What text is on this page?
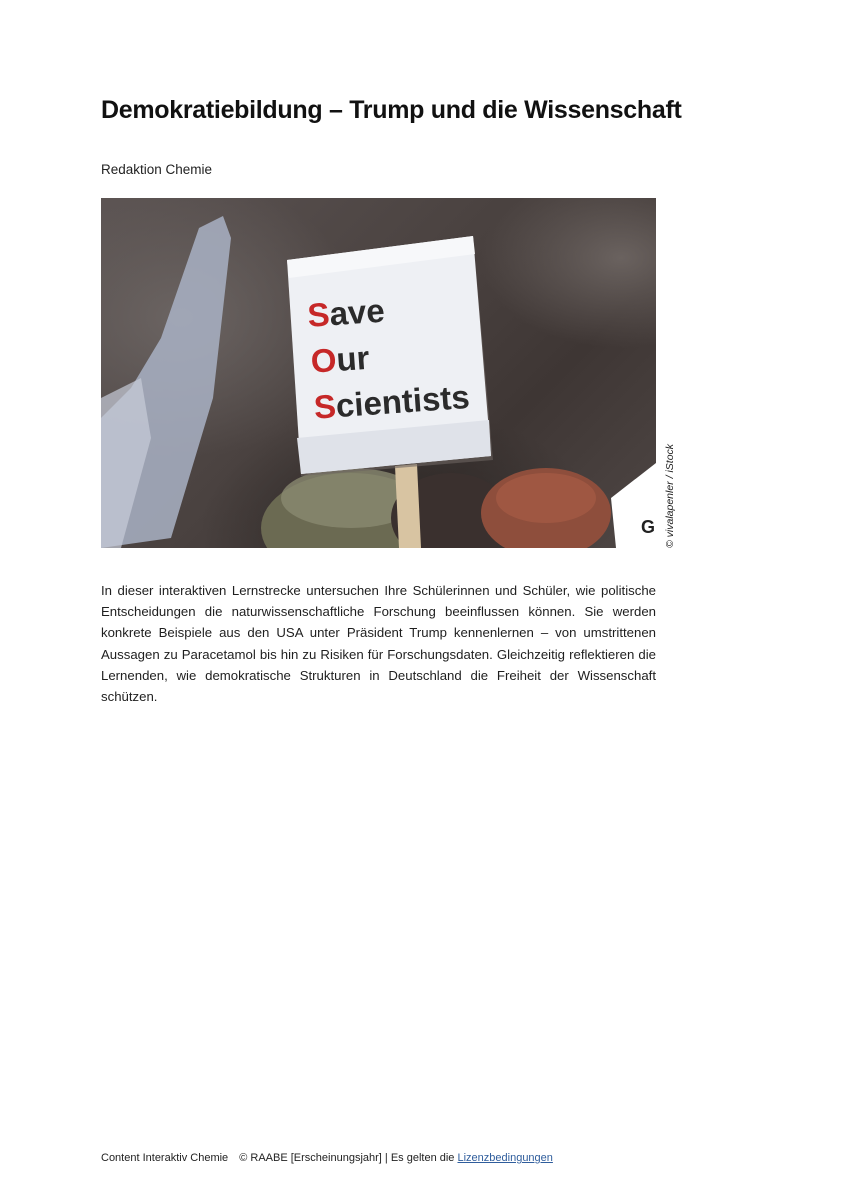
Demokratiebildung – Trump und die Wissenschaft
Redaktion Chemie
G
Save
Our
Scientists
© vivalapenler / iStock

In dieser interaktiven Lernstrecke untersuchen Ihre Schülerinnen und Schüler, wie politische Entscheidungen die naturwissenschaftliche Forschung beeinflussen können. Sie werden konkrete Beispiele aus den USA unter Präsident Trump kennenlernen – von umstrittenen Aussagen zu Paracetamol bis hin zu Risiken für Forschungsdaten. Gleichzeitig reflektieren die Lernenden, wie demokratische Strukturen in Deutschland die Freiheit der Wissenschaft schützen.

Content Interaktiv Chemie © RAABE [Erscheinungsjahr] | Es gelten die Lizenzbedingungen
